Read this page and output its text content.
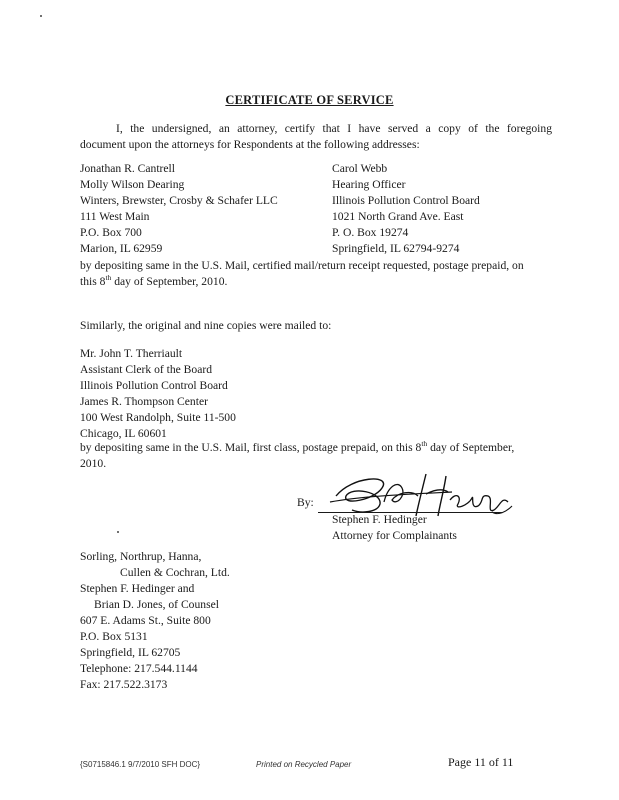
CERTIFICATE OF SERVICE
I, the undersigned, an attorney, certify that I have served a copy of the foregoing
document upon the attorneys for Respondents at the following addresses:
Jonathan R. Cantrell
Molly Wilson Dearing
Winters, Brewster, Crosby & Schafer LLC
111 West Main
P.O. Box 700
Marion, IL 62959
Carol Webb
Hearing Officer
Illinois Pollution Control Board
1021 North Grand Ave. East
P. O. Box 19274
Springfield, IL 62794-9274
by depositing same in the U.S. Mail, certified mail/return receipt requested, postage prepaid, on
this 8th day of September, 2010.
Similarly, the original and nine copies were mailed to:
Mr. John T. Therriault
Assistant Clerk of the Board
Illinois Pollution Control Board
James R. Thompson Center
100 West Randolph, Suite 11-500
Chicago, IL 60601
by depositing same in the U.S. Mail, first class, postage prepaid, on this 8th day of September,
2010.
By:
Stephen F. Hedinger
Attorney for Complainants
Sorling, Northrup, Hanna,
Cullen & Cochran, Ltd.
Stephen F. Hedinger and
Brian D. Jones, of Counsel
607 E. Adams St., Suite 800
P.O. Box 5131
Springfield, IL 62705
Telephone: 217.544.1144
Fax: 217.522.3173
{S0715846.1 9/7/2010 SFH DOC}	Printed on Recycled Paper	Page 11 of 11
